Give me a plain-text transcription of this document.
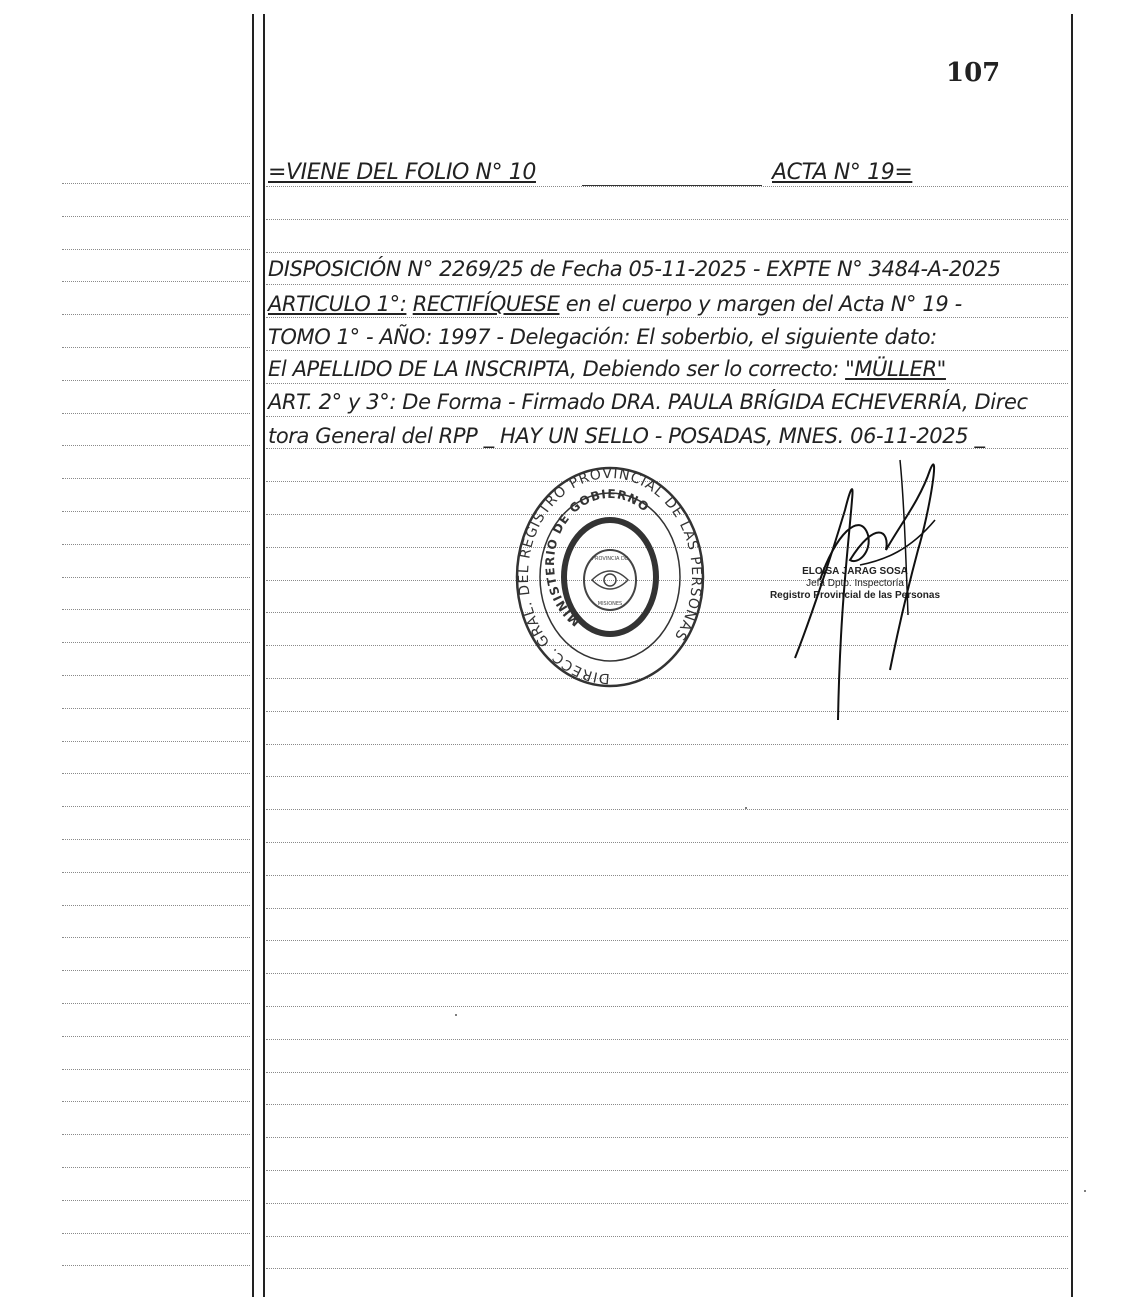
107
=VIENE DEL FOLIO N° 10	ACTA N° 19=
DISPOSICIÓN N° 2269/25 de Fecha 05-11-2025 - EXPTE N° 3484-A-2025
ARTICULO 1°: RECTIFÍQUESE en el cuerpo y margen del Acta N° 19 -
TOMO 1° - AÑO: 1997 - Delegación: El soberbio, el siguiente dato:
El APELLIDO DE LA INSCRIPTA, Debiendo ser lo correcto: "MÜLLER"
ART. 2° y 3°: De Forma - Firmado DRA. PAULA BRÍGIDA ECHEVERRÍA, Direc
tora General del RPP _ HAY UN SELLO - POSADAS, MNES. 06-11-2025 _
DIRECC. GRAL. DEL REGISTRO PROVINCIAL DE LAS PERSONAS
MINISTERIO DE GOBIERNO
PROVINCIA DE
MISIONES
ELOISA JARAG SOSA
Jefa Dpto. Inspectoría
Registro Provincial de las Personas
